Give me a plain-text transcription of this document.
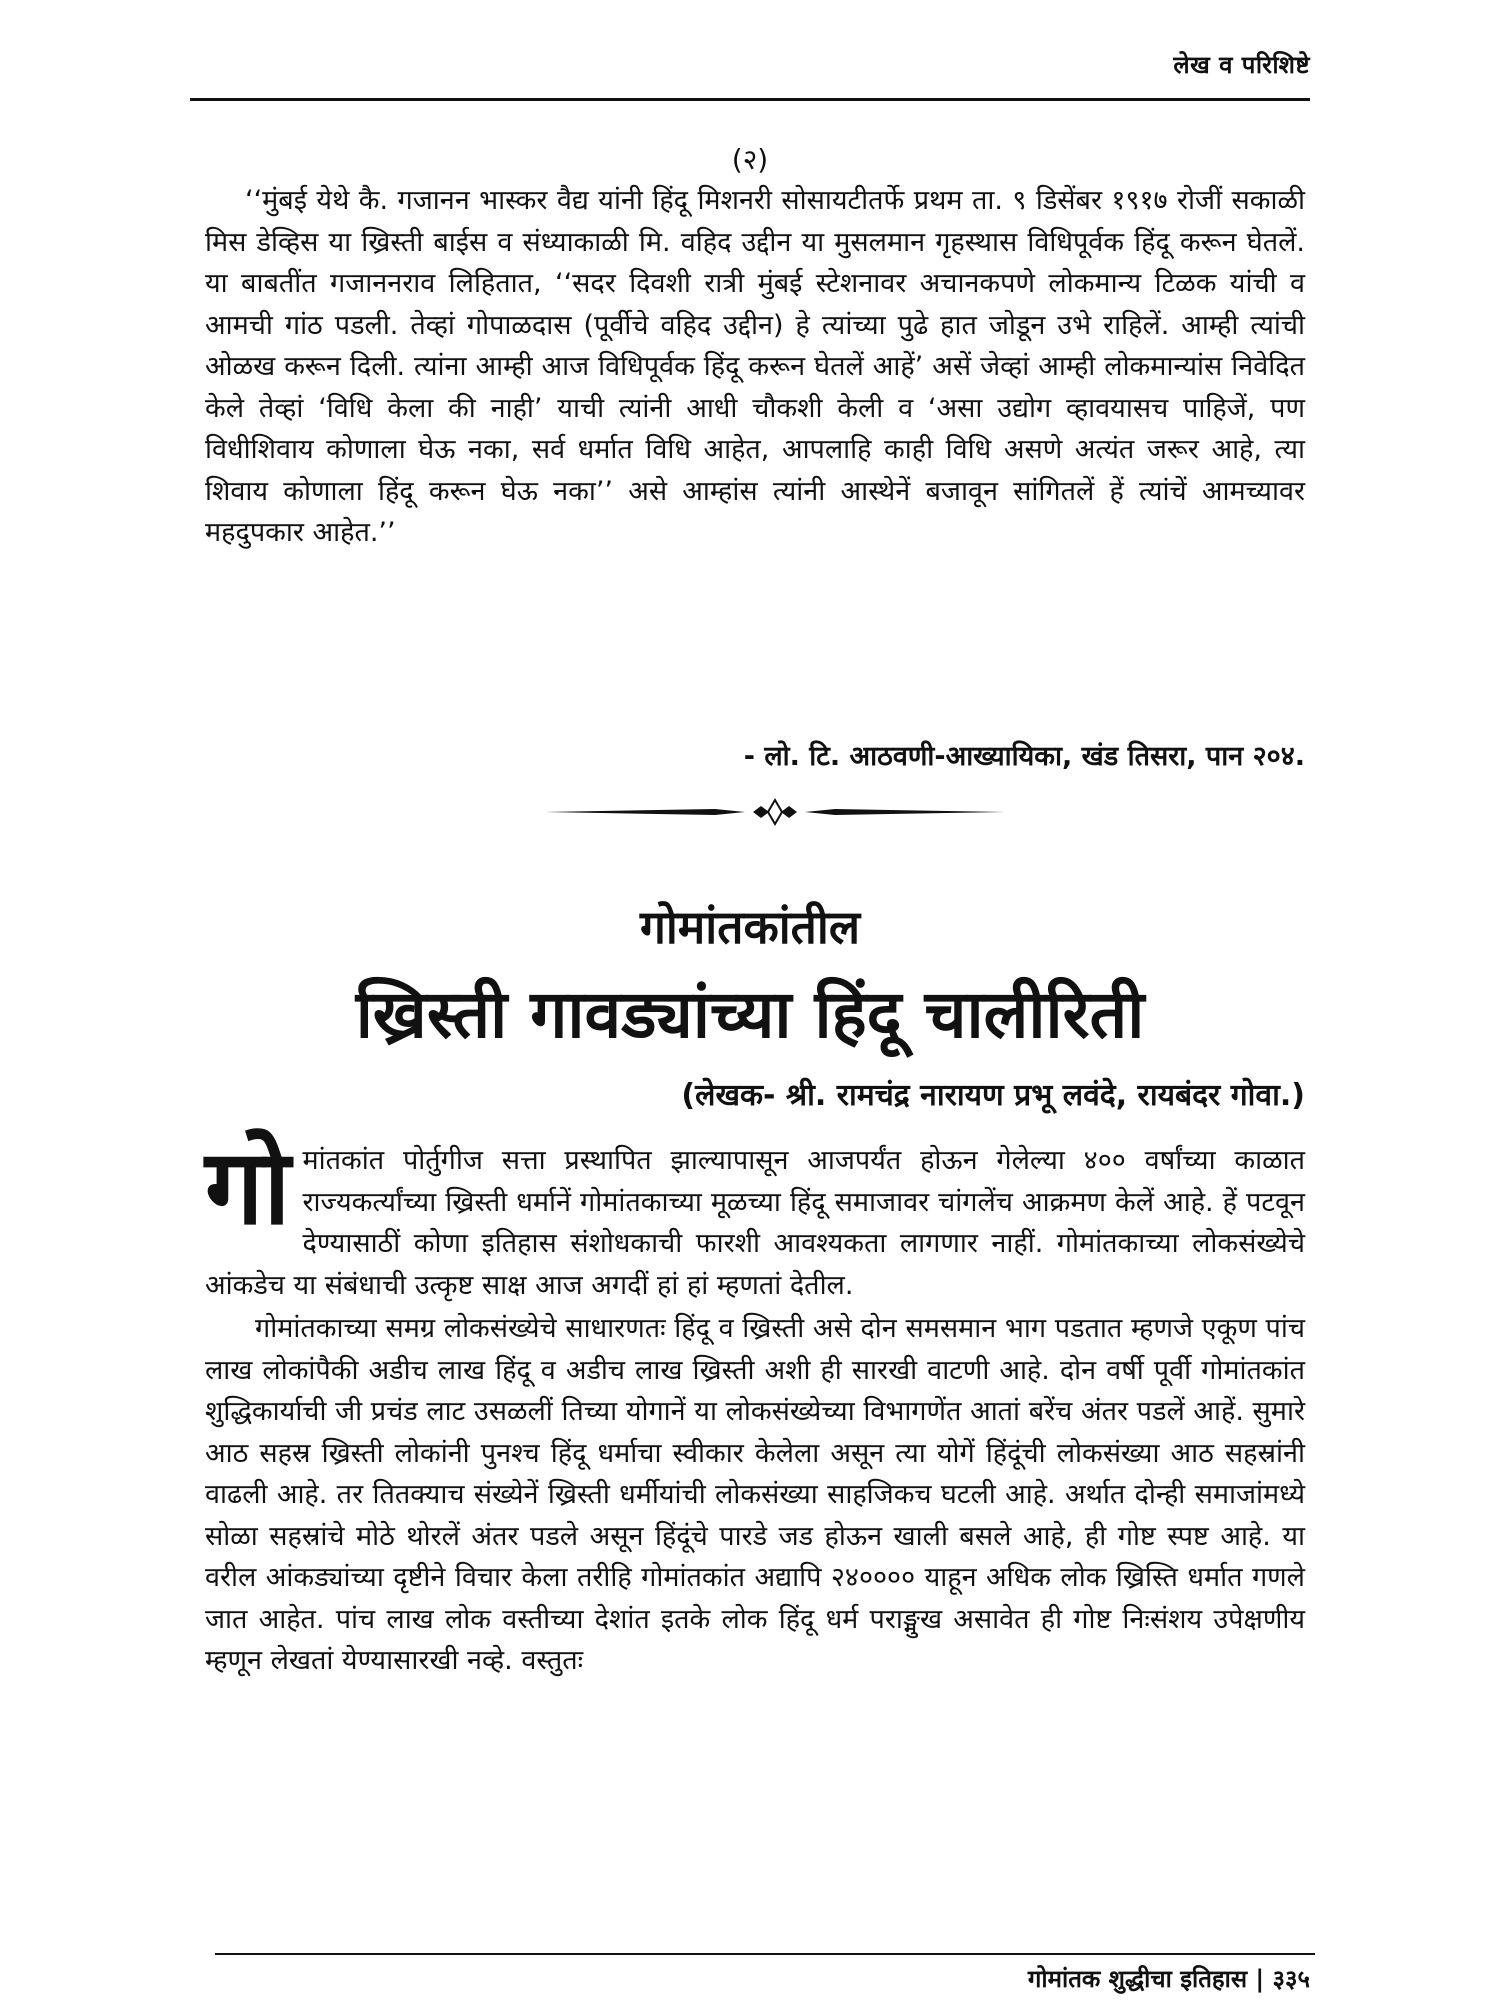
लेख व परिशिष्टे
(२)

‘‘मुंबई येथे कै. गजानन भास्कर वैद्य यांनी हिंदू मिशनरी सोसायटीतर्फे प्रथम ता. ९ डिसेंबर १९१७ रोजीं सकाळी मिस डेव्हिस या ख्रिस्ती बाईस व संध्याकाळी मि. वहिद उद्दीन या मुसलमान गृहस्थास विधिपूर्वक हिंदू करून घेतलें. या बाबतींत गजाननराव लिहितात, ‘‘सदर दिवशी रात्री मुंबई स्टेशनावर अचानकपणे लोकमान्य टिळक यांची व आमची गांठ पडली. तेव्हां गोपाळदास (पूर्वीचे वहिद उद्दीन) हे त्यांच्या पुढे हात जोडून उभे राहिलें. आम्ही त्यांची ओळख करून दिली. त्यांना आम्ही आज विधिपूर्वक हिंदू करून घेतलें आहें’ असें जेव्हां आम्ही लोकमान्यांस निवेदित केले तेव्हां ‘विधि केला की नाही’ याची त्यांनी आधी चौकशी केली व ‘असा उद्योग व्हावयासच पाहिजें, पण विधीशिवाय कोणाला घेऊ नका, सर्व धर्मात विधि आहेत, आपलाहि काही विधि असणे अत्यंत जरूर आहे, त्या शिवाय कोणाला हिंदू करून घेऊ नका’’ असे आम्हांस त्यांनी आस्थेनें बजावून सांगितलें हें त्यांचें आमच्यावर महदुपकार आहेत.’’

- लो. टि. आठवणी-आख्यायिका, खंड तिसरा, पान २०४.
गोमांतकांतील
ख्रिस्ती गावड्यांच्या हिंदू चालीरिती
(लेखक- श्री. रामचंद्र नारायण प्रभू लवंदे, रायबंदर गोवा.)

गोमांतकांत पोर्तुगीज सत्ता प्रस्थापित झाल्यापासून आजपर्यंत होऊन गेलेल्या ४०० वर्षांच्या काळात राज्यकर्त्यांच्या ख्रिस्ती धर्मानें गोमांतकाच्या मूळच्या हिंदू समाजावर चांगलेंच आक्रमण केलें आहे. हें पटवून देण्यासाठीं कोणा इतिहास संशोधकाची फारशी आवश्यकता लागणार नाहीं. गोमांतकाच्या लोकसंख्येचे आंकडेच या संबंधाची उत्कृष्ट साक्ष आज अगदीं हां हां म्हणतां देतील.

गोमांतकाच्या समग्र लोकसंख्येचे साधारणतः हिंदू व ख्रिस्ती असे दोन समसमान भाग पडतात म्हणजे एकूण पांच लाख लोकांपैकी अडीच लाख हिंदू व अडीच लाख ख्रिस्ती अशी ही सारखी वाटणी आहे. दोन वर्षी पूर्वी गोमांतकांत शुद्धिकार्याची जी प्रचंड लाट उसळलीं तिच्या योगानें या लोकसंख्येच्या विभागणेंत आतां बरेंच अंतर पडलें आहें. सुमारे आठ सहस्र ख्रिस्ती लोकांनी पुनश्च हिंदू धर्माचा स्वीकार केलेला असून त्या योगें हिंदूंची लोकसंख्या आठ सहस्रांनी वाढली आहे. तर तितक्याच संख्येनें ख्रिस्ती धर्मीयांची लोकसंख्या साहजिकच घटली आहे. अर्थात दोन्ही समाजांमध्ये सोळा सहस्रांचे मोठे थोरलें अंतर पडले असून हिंदूंचे पारडे जड होऊन खाली बसले आहे, ही गोष्ट स्पष्ट आहे. या वरील आंकड्यांच्या दृष्टीने विचार केला तरीहि गोमांतकांत अद्यापि २४०००० याहून अधिक लोक ख्रिस्ति धर्मात गणले जात आहेत. पांच लाख लोक वस्तीच्या देशांत इतके लोक हिंदू धर्म पराङ्मुख असावेत ही गोष्ट निःसंशय उपेक्षणीय म्हणून लेखतां येण्यासारखी नव्हे. वस्तुतः

गोमांतक शुद्धीचा इतिहास | ३३५
